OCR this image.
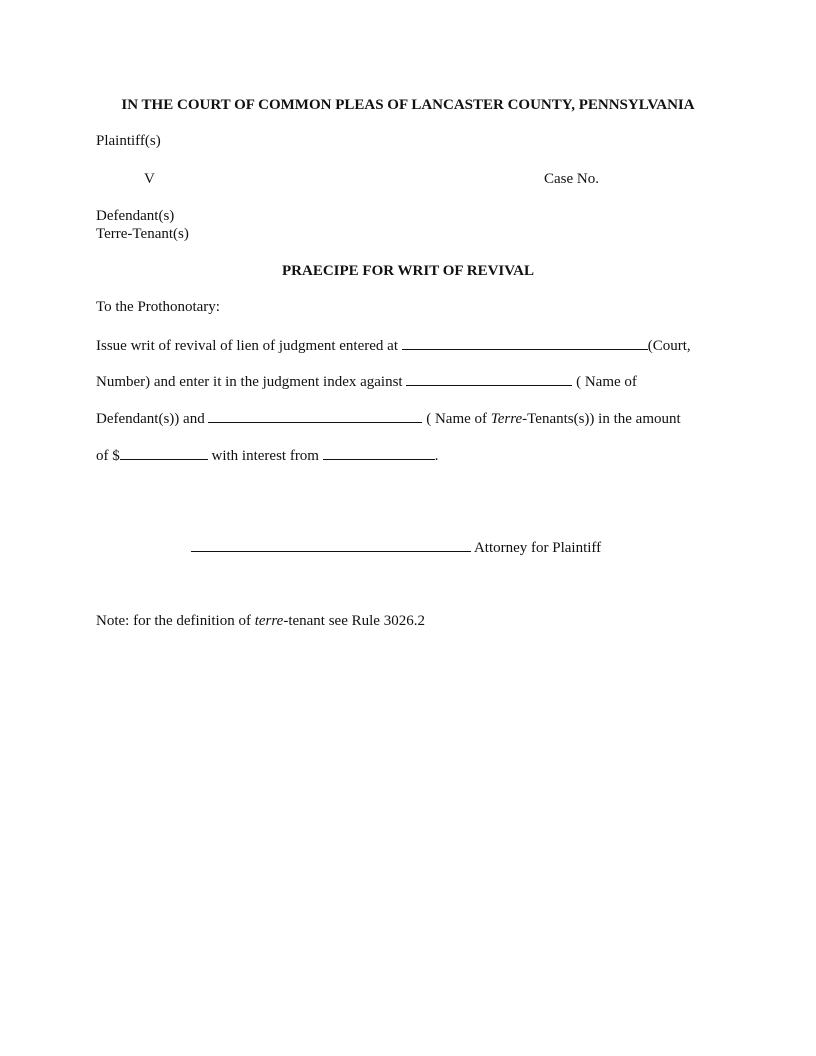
IN THE COURT OF COMMON PLEAS OF LANCASTER COUNTY, PENNSYLVANIA
Plaintiff(s)
V	Case No.
Defendant(s)
Terre-Tenant(s)
PRAECIPE FOR WRIT OF REVIVAL
To the Prothonotary:
Issue writ of revival of lien of judgment entered at	(Court,
Number) and enter it in the judgment index against	( Name of
Defendant(s)) and	( Name of Terre-Tenants(s)) in the amount
of $	with interest from	.
Attorney for Plaintiff
Note: for the definition of terre-tenant see Rule 3026.2
